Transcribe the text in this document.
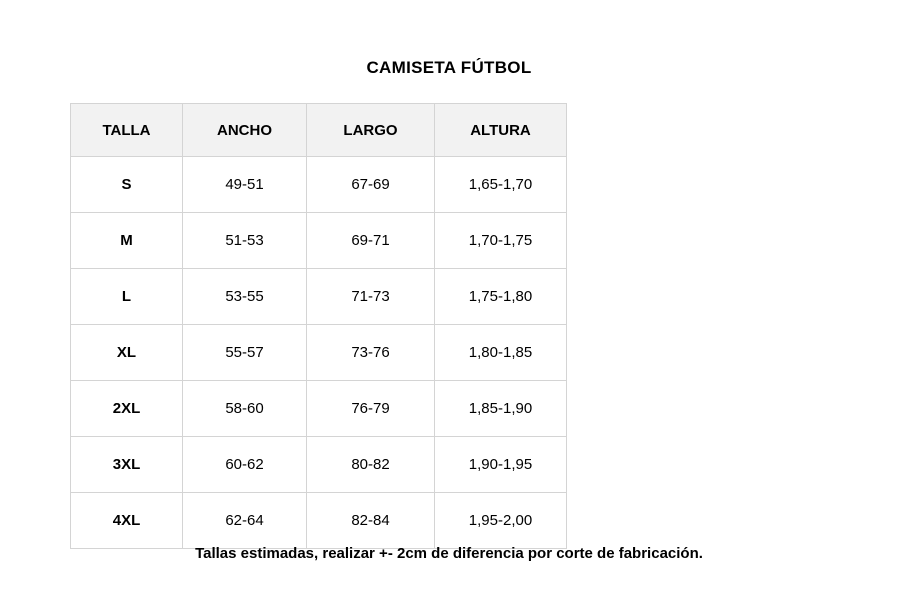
CAMISETA FÚTBOL
TALLA	ANCHO	LARGO	ALTURA
S	49-51	67-69	1,65-1,70
M	51-53	69-71	1,70-1,75
L	53-55	71-73	1,75-1,80
XL	55-57	73-76	1,80-1,85
2XL	58-60	76-79	1,85-1,90
3XL	60-62	80-82	1,90-1,95
4XL	62-64	82-84	1,95-2,00
Tallas estimadas, realizar +- 2cm de diferencia por corte de fabricación.
